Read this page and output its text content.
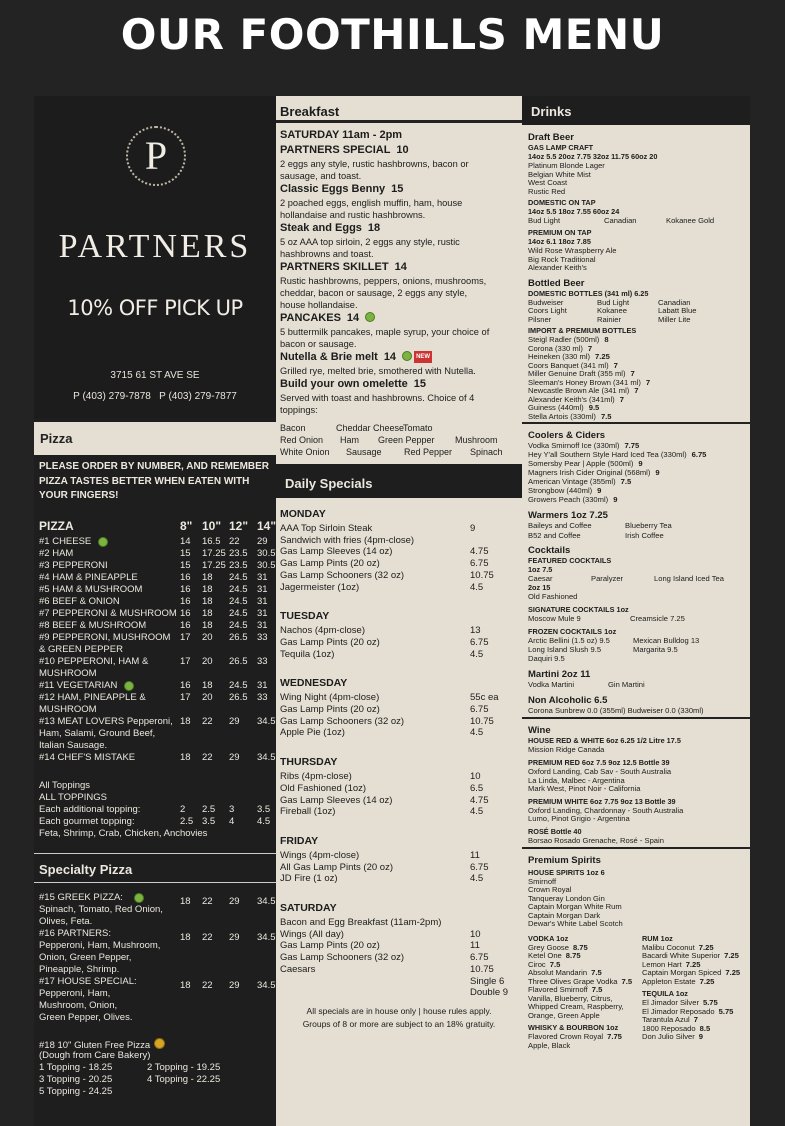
OUR FOOTHILLS MENU
P
PARTNERS
10% OFF PICK UP
3715 61 ST AVE SE
P (403) 279-7878 P (403) 279-7877
Pizza
PLEASE ORDER BY NUMBER, AND REMEMBER PIZZA TASTES BETTER WHEN EATEN WITH YOUR FINGERS!
PIZZA	8" 10" 12" 14"
#1 CHEESE	14 16.5 22 29
#2 HAM	15 17.25 23.5 30.5
#3 PEPPERONI	15 17.25 23.5 30.5
#4 HAM & PINEAPPLE	16 18 24.5 31
#5 HAM & MUSHROOM	16 18 24.5 31
#6 BEEF & ONION	16 18 24.5 31
#7 PEPPERONI & MUSHROOM 16 18 24.5 31
#8 BEEF & MUSHROOM	16 18 24.5 31
#9 PEPPERONI, MUSHROOM 17 20 26.5 33
& GREEN PEPPER
#10 PEPPERONI, HAM &	17 20 26.5 33
MUSHROOM
#11 VEGETARIAN	16 18 24.5 31
#12 HAM, PINEAPPLE &	17 20 26.5 33
MUSHROOM
#13 MEAT LOVERS Pepperoni, 18 22 29 34.5
Ham, Salami, Ground Beef,
Italian Sausage.
#14 CHEF'S MISTAKE	18 22 29 34.5
All Toppings
ALL TOPPINGS
Each additional topping:	2 2.5 3 3.5
Each gourmet topping:	2.5 3.5 4 4.5
Feta, Shrimp, Crab, Chicken, Anchovies
Specialty Pizza
#15 GREEK PIZZA:	18 22 29 34.5
Spinach, Tomato, Red Onion,
Olives, Feta.
#16 PARTNERS:	18 22 29 34.5
Pepperoni, Ham, Mushroom,
Onion, Green Pepper,
Pineapple, Shrimp.
#17 HOUSE SPECIAL:	18 22 29 34.5
Pepperoni, Ham,
Mushroom, Onion,
Green Pepper, Olives.
#18 10" Gluten Free Pizza
(Dough from Care Bakery)
1 Topping - 18.25	2 Topping - 19.25
3 Topping - 20.25	4 Topping - 22.25
5 Topping - 24.25
Breakfast
SATURDAY 11am - 2pm
PARTNERS SPECIAL 10
2 eggs any style, rustic hashbrowns, bacon or
sausage, and toast.
Classic Eggs Benny 15
2 poached eggs, english muffin, ham, house
hollandaise and rustic hashbrowns.
Steak and Eggs 18
5 oz AAA top sirloin, 2 eggs any style, rustic
hashbrowns and toast.
PARTNERS SKILLET 14
Rustic hashbrowns, peppers, onions, mushrooms,
cheddar, bacon or sausage, 2 eggs any style,
house hollandaise.
PANCAKES 14
5 buttermilk pancakes, maple syrup, your choice of
bacon or sausage.
Nutella & Brie melt 14	NEW
Grilled rye, melted brie, smothered with Nutella.
Build your own omelette 15
Served with toast and hashbrowns. Choice of 4
toppings:
Bacon	Cheddar Cheese
Tomato
Red Onion Ham Green Pepper Mushroom
White Onion Sausage Red Pepper Spinach
Daily Specials
MONDAY
AAA Top Sirloin Steak	9
Sandwich with fries (4pm-close)
Gas Lamp Sleeves (14 oz)	4.75
Gas Lamp Pints (20 oz)	6.75
Gas Lamp Schooners (32 oz)	10.75
Jagermeister (1oz)	4.5
TUESDAY
Nachos (4pm-close)	13
Gas Lamp Pints (20 oz)	6.75
Tequila (1oz)	4.5
WEDNESDAY
Wing Night (4pm-close)	55c ea
Gas Lamp Pints (20 oz)	6.75
Gas Lamp Schooners (32 oz)	10.75
Apple Pie (1oz)	4.5
THURSDAY
Ribs (4pm-close)	10
Old Fashioned (1oz)	6.5
Gas Lamp Sleeves (14 oz)	4.75
Fireball (1oz)	4.5
FRIDAY
Wings (4pm-close)	11
All Gas Lamp Pints (20 oz)	6.75
JD Fire (1 oz)	4.5
SATURDAY
Bacon and Egg Breakfast (11am-2pm)
Wings (All day)	10
Gas Lamp Pints (20 oz)	11
Gas Lamp Schooners (32 oz)	6.75
Caesars	10.75
Single 6
Double 9
All specials are in house only | house rules apply.
Groups of 8 or more are subject to an 18% gratuity.
Drinks
Draft Beer
GAS LAMP CRAFT
14oz 5.5 20oz 7.75 32oz 11.75 60oz 20
Platinum Blonde Lager
Belgian White Mist
West Coast
Rustic Red
DOMESTIC ON TAP
14oz 5.5 18oz 7.55 60oz 24
Bud Light	Canadian	Kokanee Gold
PREMIUM ON TAP
14oz 6.1 18oz 7.85
Wild Rose Wraspberry Ale
Big Rock Traditional
Alexander Keith's
Bottled Beer
DOMESTIC BOTTLES (341 ml) 6.25
Budweiser	Bud Light	Canadian
Coors Light	Kokanee	Labatt Blue
Pilsner	Rainier	Miller Lite
IMPORT & PREMIUM BOTTLES
Steigl Radler (500ml) 8
Corona (330 ml) 7
Heineken (330 ml) 7.25
Coors Banquet (341 ml) 7
Miller Genuine Draft (355 ml) 7
Sleeman's Honey Brown (341 ml) 7
Newcastle Brown Ale (341 ml) 7
Alexander Keith's (341ml) 7
Guiness (440ml) 9.5
Stella Artois (330ml) 7.5
Coolers & Ciders
Vodka Smirnoff Ice (330ml) 7.75
Hey Y'all Southern Style Hard Iced Tea (330ml) 6.75
Somersby Pear | Apple (500ml) 9
Magners Irish Cider Original (568ml) 9
American Vintage (355ml) 7.5
Strongbow (440ml) 9
Growers Peach (330ml) 9
Warmers 1oz 7.25
Baileys and Coffee	Blueberry Tea
B52 and Coffee	Irish Coffee
Cocktails
FEATURED COCKTAILS
1oz 7.5
Caesar	Paralyzer	Long Island Iced Tea
2oz 15
Old Fashioned
SIGNATURE COCKTAILS 1oz
Moscow Mule 9	Creamsicle 7.25
FROZEN COCKTAILS 1oz
Arctic Bellini (1.5 oz) 9.5	Mexican Bulldog 13
Long Island Slush 9.5	Margarita 9.5
Daquiri 9.5
Martini 2oz 11
Vodka Martini	Gin Martini
Non Alcoholic 6.5
Corona Sunbrew 0.0 (355ml) Budweiser 0.0 (330ml)
Wine
HOUSE RED & WHITE 6oz 6.25 1/2 Litre 17.5
Mission Ridge Canada
PREMIUM RED 6oz 7.5 9oz 12.5 Bottle 39
Oxford Landing, Cab Sav - South Australia
La Linda, Malbec - Argentina
Mark West, Pinot Noir - California
PREMIUM WHITE 6oz 7.75 9oz 13 Bottle 39
Oxford Landing, Chardonnay - South Australia
Lumo, Pinot Grigio - Argentina
ROSÉ Bottle 40
Borsao Rosado Grenache, Rosé - Spain
Premium Spirits
HOUSE SPIRITS 1oz 6
Smirnoff
Crown Royal
Tanqueray London Gin
Captain Morgan White Rum
Captain Morgan Dark
Dewar's White Label Scotch
VODKA 1oz
Grey Goose 8.75
Ketel One 8.75
Ciroc 7.5
Absolut Mandarin 7.5
Three Olives Grape Vodka 7.5
Flavored Smirnoff 7.5
Vanilla, Blueberry, Citrus,
Whipped Cream, Raspberry,
Orange, Green Apple
WHISKY & BOURBON 1oz
Flavored Crown Royal 7.75
Apple, Black
RUM 1oz
Malibu Coconut 7.25
Bacardi White Superior 7.25
Lemon Hart 7.25
Captain Morgan Spiced 7.25
Appleton Estate 7.25
TEQUILA 1oz
El Jimador Silver 5.75
El Jimador Reposado 5.75
Tarantula Azul 7
1800 Reposado 8.5
Don Julio Silver 9
